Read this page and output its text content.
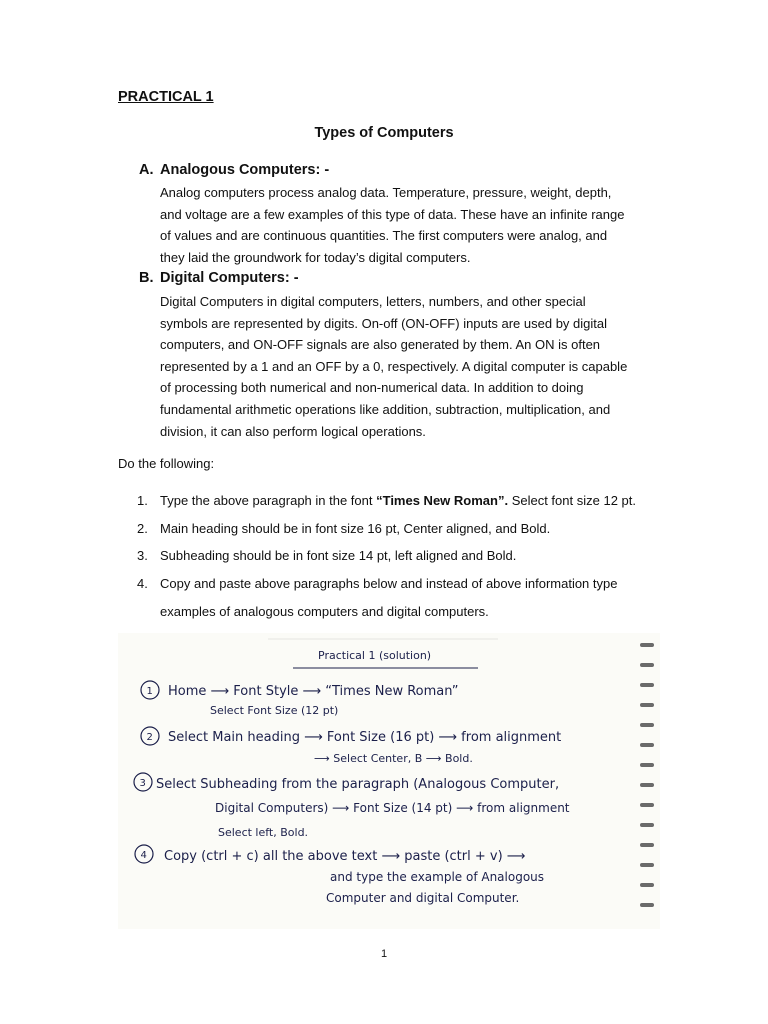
PRACTICAL 1
Types of Computers
A. Analogous Computers: -
Analog computers process analog data. Temperature, pressure, weight, depth,
and voltage are a few examples of this type of data. These have an infinite range
of values and are continuous quantities. The first computers were analog, and
they laid the groundwork for today’s digital computers.
B. Digital Computers: -
Digital Computers in digital computers, letters, numbers, and other special
symbols are represented by digits. On-off (ON-OFF) inputs are used by digital
computers, and ON-OFF signals are also generated by them. An ON is often
represented by a 1 and an OFF by a 0, respectively. A digital computer is capable
of processing both numerical and non-numerical data. In addition to doing
fundamental arithmetic operations like addition, subtraction, multiplication, and
division, it can also perform logical operations.
Do the following:
1. Type the above paragraph in the font “Times New Roman”. Select font size 12 pt.
2. Main heading should be in font size 16 pt, Center aligned, and Bold.
3. Subheading should be in font size 14 pt, left aligned and Bold.
4. Copy and paste above paragraphs below and instead of above information type examples of analogous computers and digital computers.
Practical 1 (solution)
1 Home ⟶ Font Style ⟶ “Times New Roman”
Select Font Size (12 pt)
2 Select Main heading ⟶ Font Size (16 pt) ⟶ from alignment
⟶ Select Center, B ⟶ Bold.
3 Select Subheading from the paragraph (Analogous Computer,
Digital Computers) ⟶ Font Size (14 pt) ⟶ from alignment
Select left, Bold.
4 Copy (ctrl + c) all the above text ⟶ paste (ctrl + v) ⟶
and type the example of Analogous
Computer and digital Computer.
1
